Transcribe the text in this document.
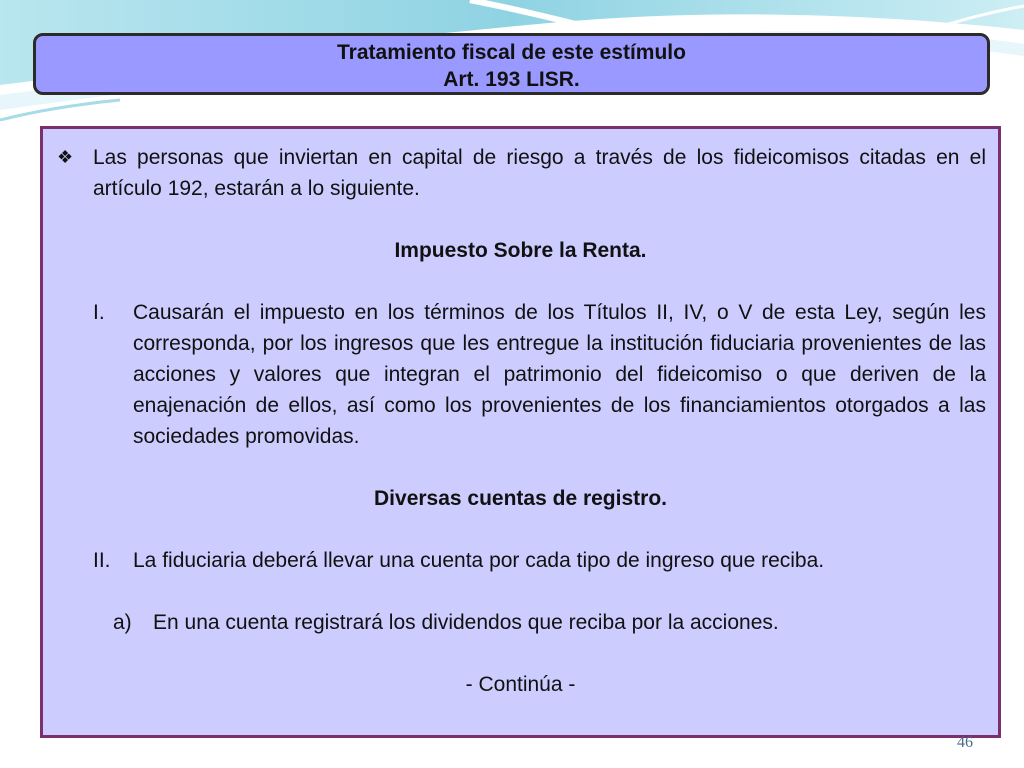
Tratamiento fiscal de este estímulo
Art. 193 LISR.
❖ Las personas que inviertan en capital de riesgo a través de los fideicomisos citadas en el artículo 192, estarán a lo siguiente.
Impuesto Sobre la Renta.
I.	Causarán el impuesto en los términos de los Títulos II, IV, o V de esta Ley, según les corresponda, por los ingresos que les entregue la institución fiduciaria provenientes de las acciones y valores que integran el patrimonio del fideicomiso o que deriven de la enajenación de ellos, así como los provenientes de los financiamientos otorgados a las sociedades promovidas.
Diversas cuentas de registro.
II.	La fiduciaria deberá llevar una cuenta por cada tipo de ingreso que reciba.
a)	En una cuenta registrará los dividendos que reciba por la acciones.
- Continúa -
46
